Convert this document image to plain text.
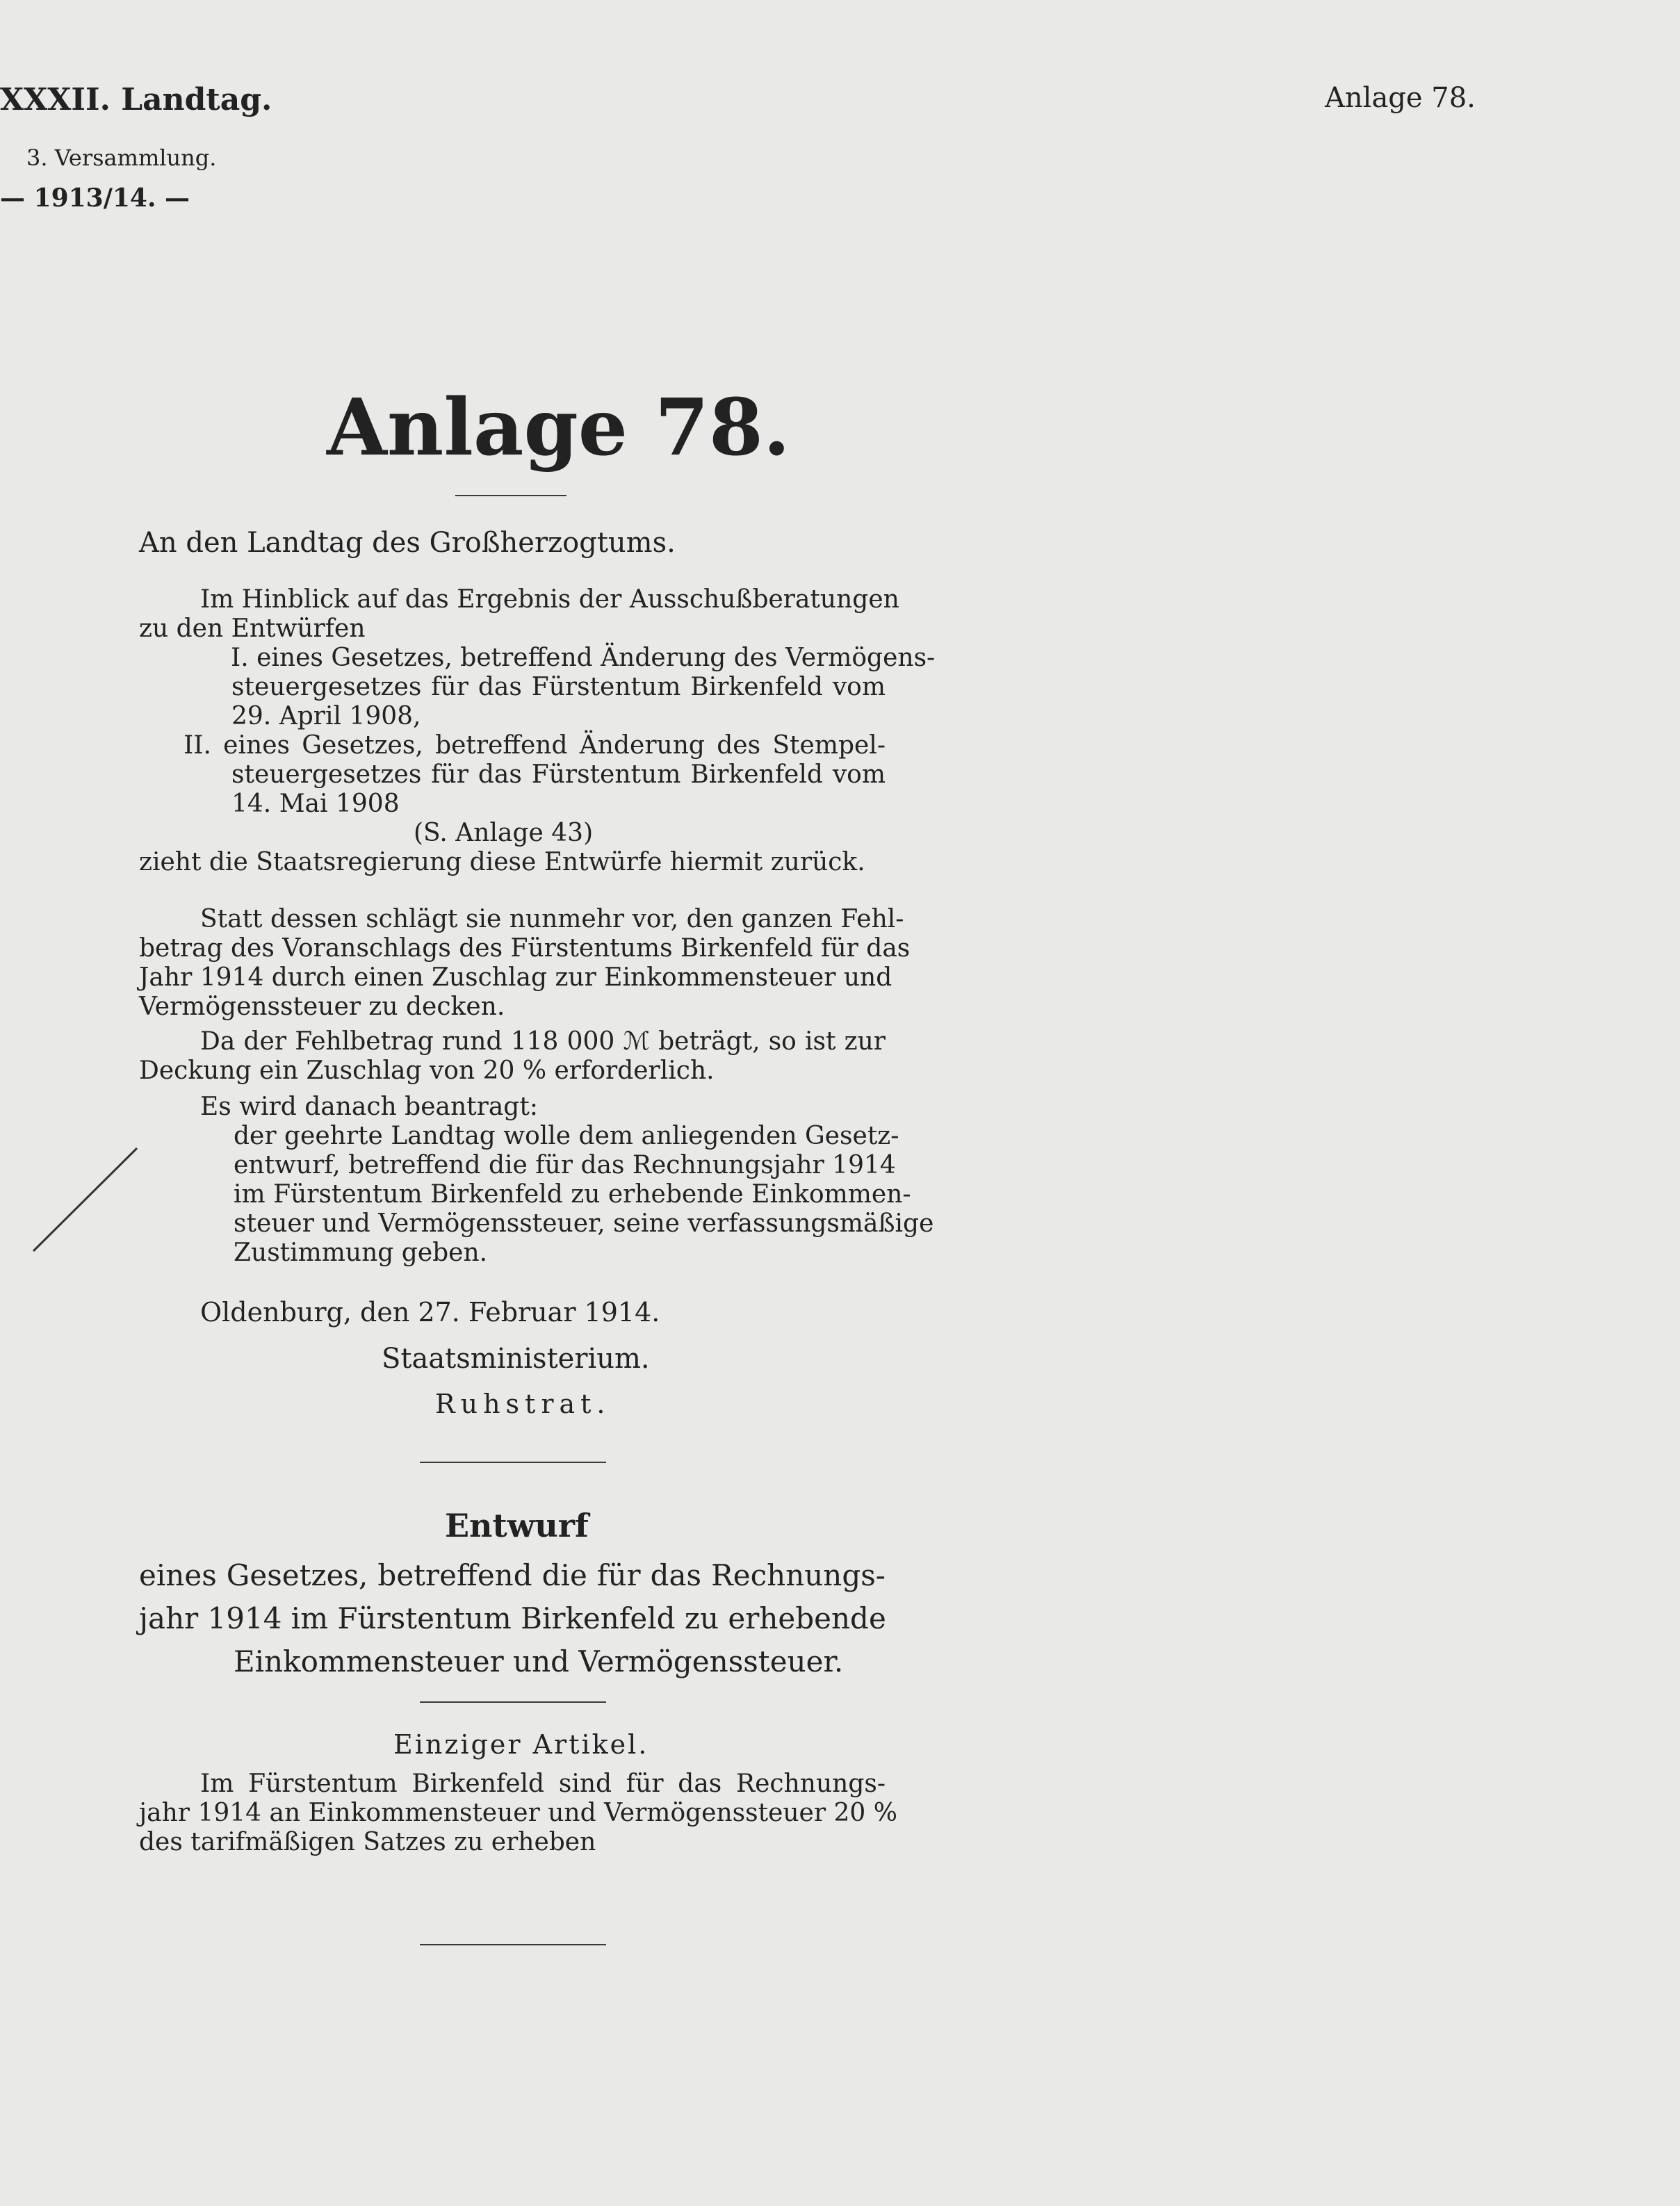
XXXII. Landtag.
3. Versammlung.
— 1913/14. —
Anlage 78.
Anlage 78.
An den Landtag des Großherzogtums.
Im Hinblick auf das Ergebnis der Ausschußberatungen
zu den Entwürfen
I. eines Gesetzes, betreffend Änderung des Vermögens-
steuergesetzes für das Fürstentum Birkenfeld vom
29. April 1908,
II. eines Gesetzes, betreffend Änderung des Stempel-
steuergesetzes für das Fürstentum Birkenfeld vom
14. Mai 1908
(S. Anlage 43)
zieht die Staatsregierung diese Entwürfe hiermit zurück.
Statt dessen schlägt sie nunmehr vor, den ganzen Fehl-
betrag des Voranschlags des Fürstentums Birkenfeld für das
Jahr 1914 durch einen Zuschlag zur Einkommensteuer und
Vermögenssteuer zu decken.
Da der Fehlbetrag rund 118 000 ℳ beträgt, so ist zur
Deckung ein Zuschlag von 20 % erforderlich.
Es wird danach beantragt:
der geehrte Landtag wolle dem anliegenden Gesetz-
entwurf, betreffend die für das Rechnungsjahr 1914
im Fürstentum Birkenfeld zu erhebende Einkommen-
steuer und Vermögenssteuer, seine verfassungsmäßige
Zustimmung geben.
Oldenburg, den 27. Februar 1914.
Staatsministerium.
Ruhstrat.
Entwurf
eines Gesetzes, betreffend die für das Rechnungs-
jahr 1914 im Fürstentum Birkenfeld zu erhebende
Einkommensteuer und Vermögenssteuer.
Einziger Artikel.
Im Fürstentum Birkenfeld sind für das Rechnungs-
jahr 1914 an Einkommensteuer und Vermögenssteuer 20 %
des tarifmäßigen Satzes zu erheben
